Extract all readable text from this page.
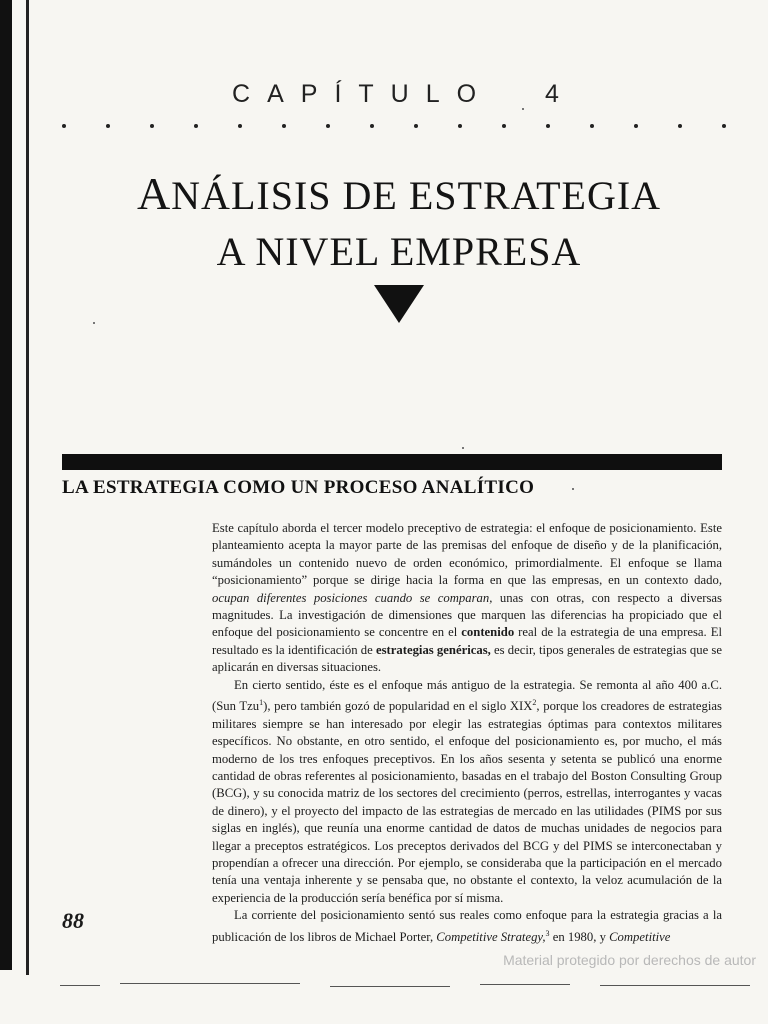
CAPÍTULO 4
ANÁLISIS DE ESTRATEGIA
A NIVEL EMPRESA
LA ESTRATEGIA COMO UN PROCESO ANALÍTICO

Este capítulo aborda el tercer modelo preceptivo de estrategia: el enfoque de posicionamiento. Este planteamiento acepta la mayor parte de las premisas del enfoque de diseño y de la planificación, sumándoles un contenido nuevo de orden económico, primordialmente. El enfoque se llama “posicionamiento” porque se dirige hacia la forma en que las empresas, en un contexto dado, ocupan diferentes posiciones cuando se comparan, unas con otras, con respecto a diversas magnitudes. La investigación de dimensiones que marquen las diferencias ha propiciado que el enfoque del posicionamiento se concentre en el contenido real de la estrategia de una empresa. El resultado es la identificación de estrategias genéricas, es decir, tipos generales de estrategias que se aplicarán en diversas situaciones.

En cierto sentido, éste es el enfoque más antiguo de la estrategia. Se remonta al año 400 a.C. (Sun Tzu$^1$), pero también gozó de popularidad en el siglo XIX$^2$, porque los creadores de estrategias militares siempre se han interesado por elegir las estrategias óptimas para contextos militares específicos. No obstante, en otro sentido, el enfoque del posicionamiento es, por mucho, el más moderno de los tres enfoques preceptivos. En los años sesenta y setenta se publicó una enorme cantidad de obras referentes al posicionamiento, basadas en el trabajo del Boston Consulting Group (BCG), y su conocida matriz de los sectores del crecimiento (perros, estrellas, interrogantes y vacas de dinero), y el proyecto del impacto de las estrategias de mercado en las utilidades (PIMS por sus siglas en inglés), que reunía una enorme cantidad de datos de muchas unidades de negocios para llegar a preceptos estratégicos. Los preceptos derivados del BCG y del PIMS se interconectaban y propendían a ofrecer una dirección. Por ejemplo, se consideraba que la participación en el mercado tenía una ventaja inherente y se pensaba que, no obstante el contexto, la veloz acumulación de la experiencia de la producción sería benéfica por sí misma.

La corriente del posicionamiento sentó sus reales como enfoque para la estrategia gracias a la publicación de los libros de Michael Porter, Competitive Strategy,$^3$ en 1980, y Competitive

88
Material protegido por derechos de autor
